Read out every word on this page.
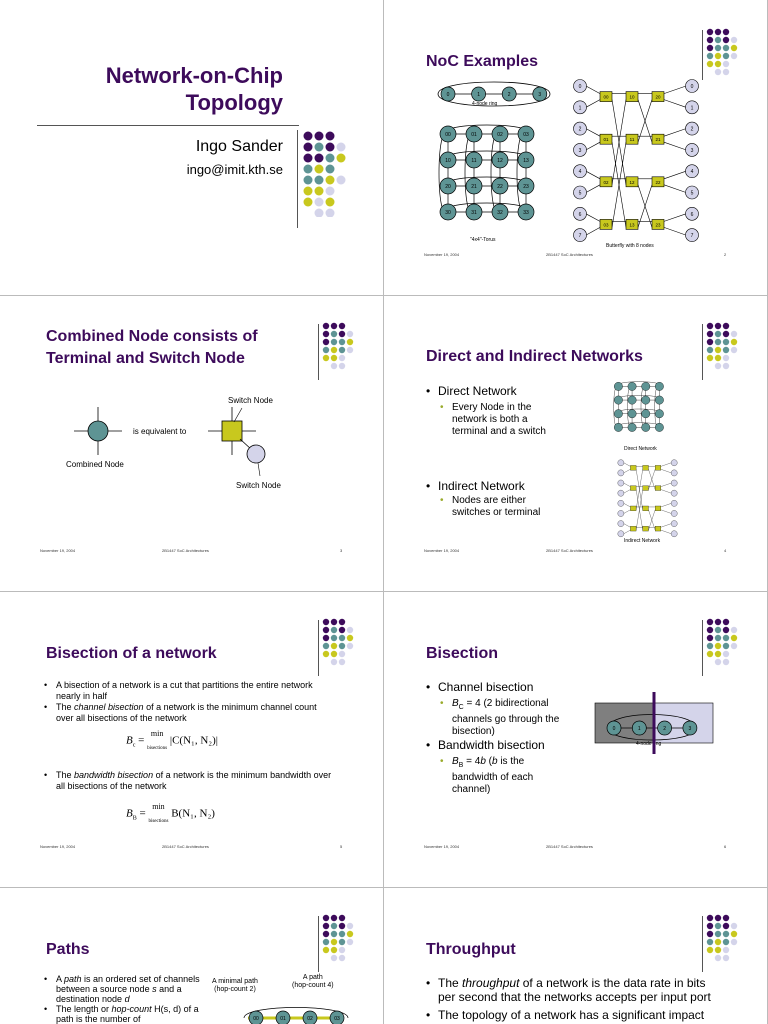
Network-on-Chip
Topology
Ingo Sander
ingo@imit.kth.se
NoC Examples
0	1	2	3
4-node ring
00	01	02	03
10	11	12	13
20	21	22	23
30	31	32	33
"4x4"-Torus
0	0
1	1
2	2
3	3
4	4
5	5
6	6
7	7
00	10	20
01	11	21
02	12	22
03	13	23
Butterfly with 8 nodes
November 19, 2004	2B1447 SoC Architectures	2
Combined Node consists of
Terminal and Switch Node
is equivalent to
Combined Node
Switch Node
Switch Node
November 19, 2004	2B1447 SoC Architectures	3
Direct and Indirect Networks
• Direct Network
• Every Node in the network is both a terminal and a switch
• Indirect Network
• Nodes are either switches or terminal
Direct Network
Indirect Network
November 19, 2004	2B1447 SoC Architectures	4
Bisection of a network
• A bisection of a network is a cut that partitions the entire network nearly in half
• The channel bisection of a network is the minimum channel count over all bisections of the network
$B_c$ =
min
bisections
|C(N₁, N₂)|
• The bandwidth bisection of a network is the minimum bandwidth over all bisections of the network
$B_B$ =
min
bisections
B(N₁, N₂)
November 19, 2004	2B1447 SoC Architectures	5
Bisection
• Channel bisection
• $B_C = 4$ (2 bidirectional channels go through the bisection)
• Bandwidth bisection
• $B_B = 4b$ (b is the bandwidth of each channel)
0	1	2	3
4-node ring
November 19, 2004	2B1447 SoC Architectures	6
Paths
• A path is an ordered set of channels between a source node s and a destination node d
• The length or hop-count H(s, d) of a path is the number of
A minimal path
(hop-count 2)
A path
(hop-count 4)
00	01	02	03
Throughput
• The throughput of a network is the data rate in bits per second that the networks accepts per input port
• The topology of a network has a significant impact
